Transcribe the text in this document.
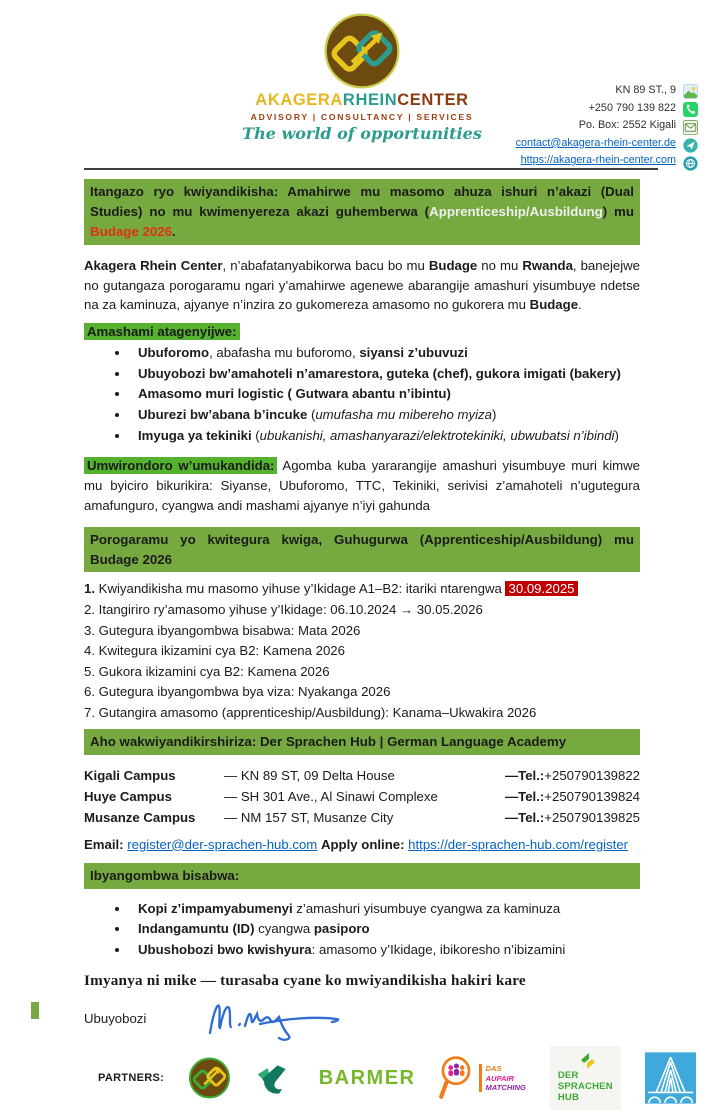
AKAGERARHEINCENTER
ADVISORY | CONSULTANCY | SERVICES
The world of opportunities
KN 89 ST., 9
+250 790 139 822
Po. Box: 2552 Kigali
contact@akagera-rhein-center.de
https://akagera-rhein-center.com
Itangazo ryo kwiyandikisha: Amahirwe mu masomo ahuza ishuri n’akazi (Dual Studies) no mu kwimenyereza akazi guhemberwa (Apprenticeship/Ausbildung) mu Budage 2026.

Akagera Rhein Center, n’abafatanyabikorwa bacu bo mu Budage no mu Rwanda, banejejwe no gutangaza porogaramu ngari y’amahirwe agenewe abarangije amashuri yisumbuye ndetse na za kaminuza, ajyanye n’inzira zo gukomereza amasomo no gukorera mu Budage.

Amashami atagenyijwe:
• Ubuforomo, abafasha mu buforomo, siyansi z’ubuvuzi
• Ubuyobozi bw’amahoteli n’amarestora, guteka (chef), gukora imigati (bakery)
• Amasomo muri logistic ( Gutwara abantu n’ibintu)
• Uburezi bw’abana b’incuke (umufasha mu mibereho myiza)
• Imyuga ya tekiniki (ubukanishi, amashanyarazi/elektrotekiniki, ubwubatsi n’ibindi)

Umwirondoro w’umukandida: Agomba kuba yararangije amashuri yisumbuye muri kimwe mu byiciro bikurikira: Siyanse, Ubuforomo, TTC, Tekiniki, serivisi z’amahoteli n’ugutegura amafunguro, cyangwa andi mashami ajyanye n’iyi gahunda

Porogaramu yo kwitegura kwiga, Guhugurwa (Apprenticeship/Ausbildung) mu Budage 2026
1. Kwiyandikisha mu masomo yihuse y’Ikidage A1–B2: itariki ntarengwa 30.09.2025
2. Itangiriro ry’amasomo yihuse y’Ikidage: 06.10.2024 → 30.05.2026
3. Gutegura ibyangombwa bisabwa: Mata 2026
4. Kwitegura ikizamini cya B2: Kamena 2026
5. Gukora ikizamini cya B2: Kamena 2026
6. Gutegura ibyangombwa bya viza: Nyakanga 2026
7. Gutangira amasomo (apprenticeship/Ausbildung): Kanama–Ukwakira 2026
Aho wakwiyandikirshiriza: Der Sprachen Hub | German Language Academy
Kigali Campus	— KN 89 ST, 09 Delta House	—Tel.:+250790139822
Huye Campus	— SH 301 Ave., Al Sinawi Complexe	—Tel.:+250790139824
Musanze Campus	— NM 157 ST, Musanze City	—Tel.:+250790139825

Email: register@der-sprachen-hub.com Apply online: https://der-sprachen-hub.com/register

Ibyangombwa bisabwa:
• Kopi z’impamyabumenyi z’amashuri yisumbuye cyangwa za kaminuza
• Indangamuntu (ID) cyangwa pasiporo
• Ubushobozi bwo kwishyura: amasomo y’Ikidage, ibikoresho n’ibizamini

Imyanya ni mike — turasaba cyane ko mwiyandikisha hakiri kare

Ubuyobozi
PARTNERS:	BARMER	DAS
AUPAIR
MATCHING
DER
SPRACHEN
HUB
